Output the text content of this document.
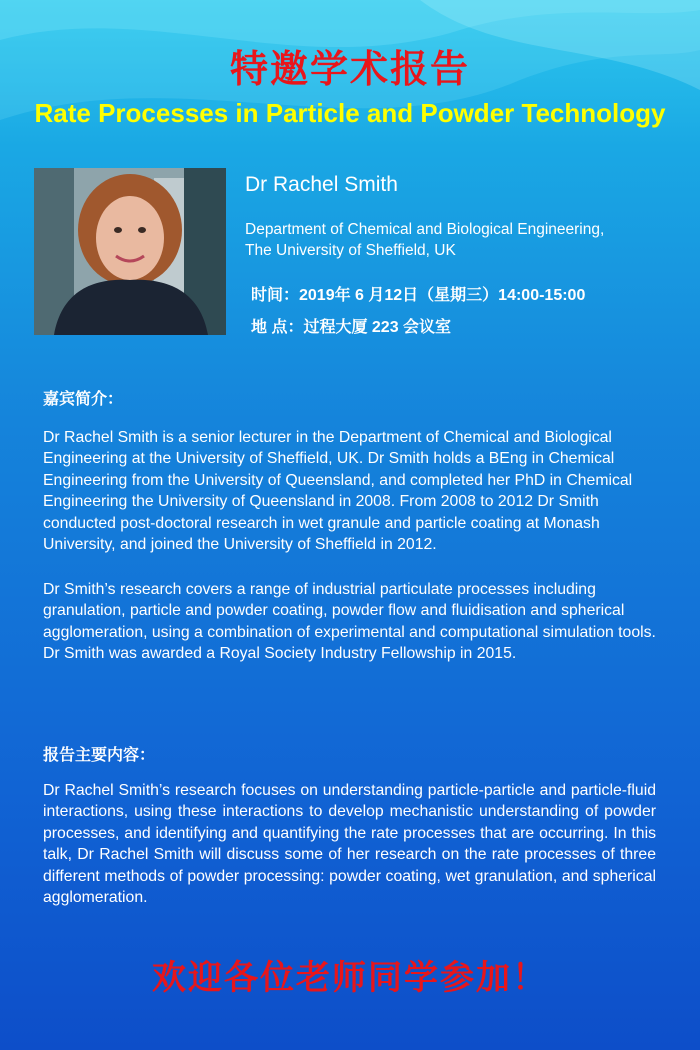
特邀学术报告
Rate Processes in Particle and Powder Technology
Dr Rachel Smith
Department of Chemical and Biological Engineering,
The University of Sheffield, UK
时间：2019年 6 月12日（星期三）14:00-15:00
地 点：过程大厦 223 会议室
嘉宾简介：
Dr Rachel Smith is a senior lecturer in the Department of Chemical and Biological Engineering at the University of Sheffield, UK. Dr Smith holds a BEng in Chemical Engineering from the University of Queensland, and completed her PhD in Chemical Engineering the University of Queensland in 2008. From 2008 to 2012 Dr Smith conducted post-doctoral research in wet granule and particle coating at Monash University, and joined the University of Sheffield in 2012.
Dr Smith’s research covers a range of industrial particulate processes including granulation, particle and powder coating, powder flow and fluidisation and spherical agglomeration, using a combination of experimental and computational simulation tools. Dr Smith was awarded a Royal Society Industry Fellowship in 2015.
报告主要内容：
Dr Rachel Smith’s research focuses on understanding particle-particle and particle-fluid interactions, using these interactions to develop mechanistic understanding of powder processes, and identifying and quantifying the rate processes that are occurring. In this talk, Dr Rachel Smith will discuss some of her research on the rate processes of three different methods of powder processing: powder coating, wet granulation, and spherical agglomeration.
欢迎各位老师同学参加！
